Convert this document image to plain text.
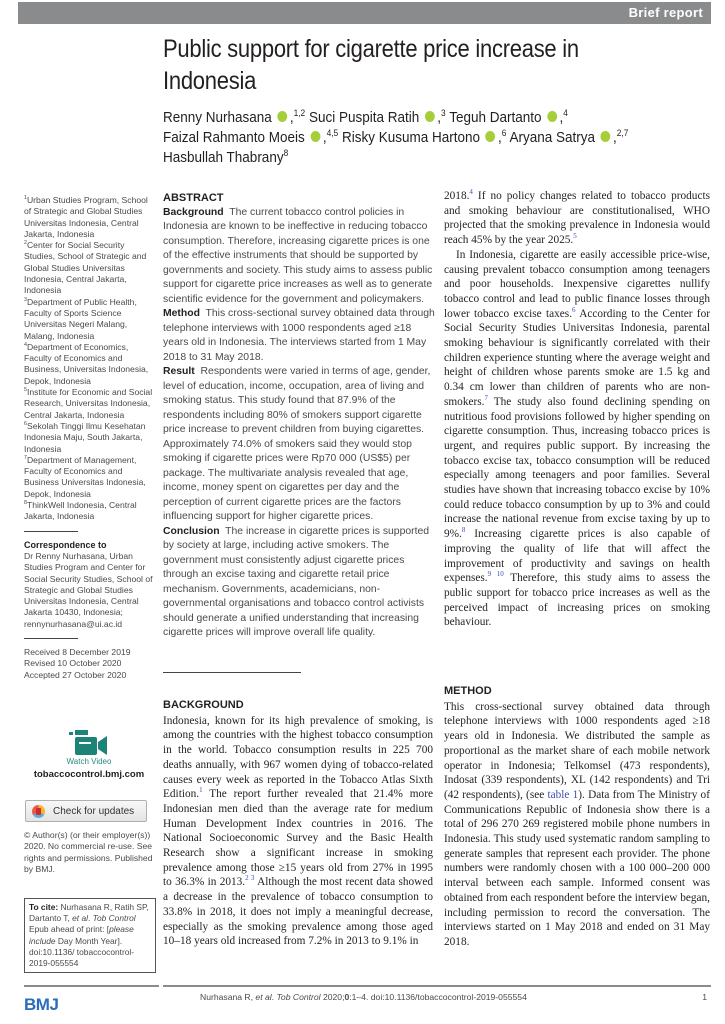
Brief report
Public support for cigarette price increase in Indonesia
Renny Nurhasana ,$^{1,2}$ Suci Puspita Ratih ,$^3$ Teguh Dartanto ,$^4$
Faizal Rahmanto Moeis ,$^{4,5}$ Risky Kusuma Hartono ,$^6$ Aryana Satrya ,$^{2,7}$
Hasbullah Thabrany$^8$

$^1$Urban Studies Program, School of Strategic and Global Studies Universitas Indonesia, Central Jakarta, Indonesia

$^2$Center for Social Security Studies, School of Strategic and Global Studies Universitas Indonesia, Central Jakarta, Indonesia

$^3$Department of Public Health, Faculty of Sports Science Universitas Negeri Malang, Malang, Indonesia

$^4$Department of Economics, Faculty of Economics and Business, Universitas Indonesia, Depok, Indonesia

$^5$Institute for Economic and Social Research, Universitas Indonesia, Central Jakarta, Indonesia

$^6$Sekolah Tinggi Ilmu Kesehatan Indonesia Maju, South Jakarta, Indonesia

$^7$Department of Management, Faculty of Economics and Business Universitas Indonesia, Depok, Indonesia

$^8$ThinkWell Indonesia, Central Jakarta, Indonesia

Correspondence to

Dr Renny Nurhasana, Urban Studies Program and Center for Social Security Studies, School of Strategic and Global Studies Universitas Indonesia, Central Jakarta 10430, Indonesia; rennynurhasana@ui.ac.id

Received 8 December 2019

Revised 10 October 2020

Accepted 27 October 2020

Watch Video
tobaccocontrol.bmj.com
Check for updates
© Author(s) (or their employer(s)) 2020. No commercial re-use. See rights and permissions. Published by BMJ.
To cite: Nurhasana R, Ratih SP, Dartanto T, et al. Tob Control Epub ahead of print: [please include Day Month Year]. doi:10.1136/ tobaccocontrol-2019-055554
ABSTRACT

Background The current tobacco control policies in Indonesia are known to be ineffective in reducing tobacco consumption. Therefore, increasing cigarette prices is one of the effective instruments that should be supported by governments and society. This study aims to assess public support for cigarette price increases as well as to generate scientific evidence for the government and policymakers.

Method This cross-sectional survey obtained data through telephone interviews with 1000 respondents aged ≥18 years old in Indonesia. The interviews started from 1 May 2018 to 31 May 2018.

Result Respondents were varied in terms of age, gender, level of education, income, occupation, area of living and smoking status. This study found that 87.9% of the respondents including 80% of smokers support cigarette price increase to prevent children from buying cigarettes. Approximately 74.0% of smokers said they would stop smoking if cigarette prices were Rp70 000 (US$5) per package. The multivariate analysis revealed that age, income, money spent on cigarettes per day and the perception of current cigarette prices are the factors influencing support for higher cigarette prices.

Conclusion The increase in cigarette prices is supported by society at large, including active smokers. The government must consistently adjust cigarette prices through an excise taxing and cigarette retail price mechanism. Governments, academicians, non-governmental organisations and tobacco control activists should generate a unified understanding that increasing cigarette prices will improve overall life quality.

BACKGROUND

Indonesia, known for its high prevalence of smoking, is among the countries with the highest tobacco consumption in the world. Tobacco consumption results in 225 700 deaths annually, with 967 women dying of tobacco-related causes every week as reported in the Tobacco Atlas Sixth Edition.$^1$ The report further revealed that 21.4% more Indonesian men died than the average rate for medium Human Development Index countries in 2016. The National Socioeconomic Survey and the Basic Health Research show a significant increase in smoking prevalence among those ≥15 years old from 27% in 1995 to 36.3% in 2013.$^{2 3}$ Although the most recent data showed a decrease in the prevalence of tobacco consumption to 33.8% in 2018, it does not imply a meaningful decrease, especially as the smoking prevalence among those aged 10–18 years old increased from 7.2% in 2013 to 9.1% in

2018.$^4$ If no policy changes related to tobacco products and smoking behaviour are constitutionalised, WHO projected that the smoking prevalence in Indonesia would reach 45% by the year 2025.$^5$

In Indonesia, cigarette are easily accessible price-wise, causing prevalent tobacco consumption among teenagers and poor households. Inexpensive cigarettes nullify tobacco control and lead to public finance losses through lower tobacco excise taxes.$^6$ According to the Center for Social Security Studies Universitas Indonesia, parental smoking behaviour is significantly correlated with their children experience stunting where the average weight and height of children whose parents smoke are 1.5 kg and 0.34 cm lower than children of parents who are non-smokers.$^7$ The study also found declining spending on nutritious food provisions followed by higher spending on cigarette consumption. Thus, increasing tobacco prices is urgent, and requires public support. By increasing the tobacco excise tax, tobacco consumption will be reduced especially among teenagers and poor families. Several studies have shown that increasing tobacco excise by 10% could reduce tobacco consumption by up to 3% and could increase the national revenue from excise taxing by up to 9%.$^8$ Increasing cigarette prices is also capable of improving the quality of life that will affect the improvement of productivity and savings on health expenses.$^{9 10}$ Therefore, this study aims to assess the public support for tobacco price increases as well as the perceived impact of increasing prices on smoking behaviour.

METHOD

This cross-sectional survey obtained data through telephone interviews with 1000 respondents aged ≥18 years old in Indonesia. We distributed the sample as proportional as the market share of each mobile network operator in Indonesia; Telkomsel (473 respondents), Indosat (339 respondents), XL (142 respondents) and Tri (42 respondents), (see table 1). Data from The Ministry of Communications Republic of Indonesia show there is a total of 296 270 269 registered mobile phone numbers in Indonesia. This study used systematic random sampling to generate samples that represent each provider. The phone numbers were randomly chosen with a 100 000–200 000 interval between each sample. Informed consent was obtained from each respondent before the interview began, including permission to record the conversation. The interviews started on 1 May 2018 and ended on 31 May 2018.

BMJ	Nurhasana R, et al. Tob Control 2020;0:1–4. doi:10.1136/tobaccocontrol-2019-055554	1
